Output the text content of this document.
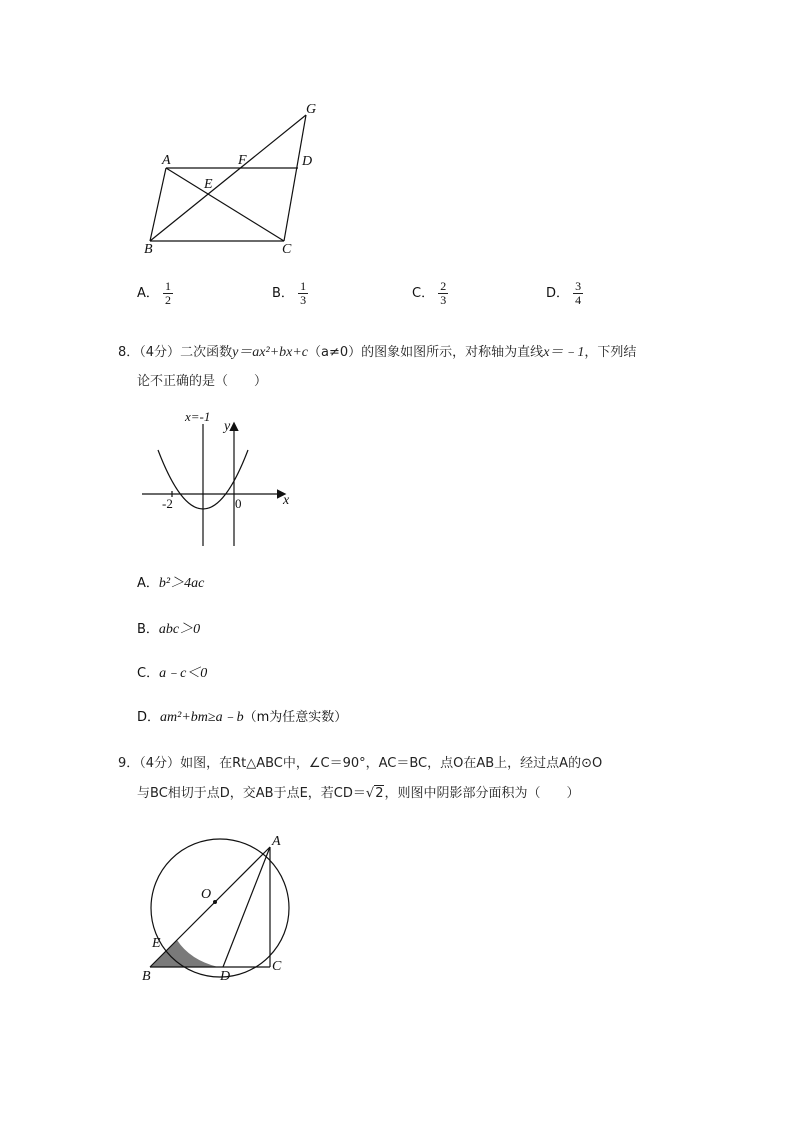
A	F	D
E
B	C
G
A． $\frac{1}{2}$	B． $\frac{1}{3}$	C． $\frac{2}{3}$	D． $\frac{3}{4}$
8．（4分）二次函数y＝ax²+bx+c（a≠0）的图象如图所示，对称轴为直线x＝﹣1，下列结
论不正确的是（　　）
x=-1
y
x
-2	0
A．b²＞4ac
B．abc＞0
C．a﹣c＜0
D．am²+bm≥a﹣b（m为任意实数）
9．（4分）如图，在Rt△ABC中，∠C＝90°，AC＝BC，点O在AB上，经过点A的⊙O
与BC相切于点D，交AB于点E，若CD＝√2，则图中阴影部分面积为（　　）
A
O
E
B	D
C
